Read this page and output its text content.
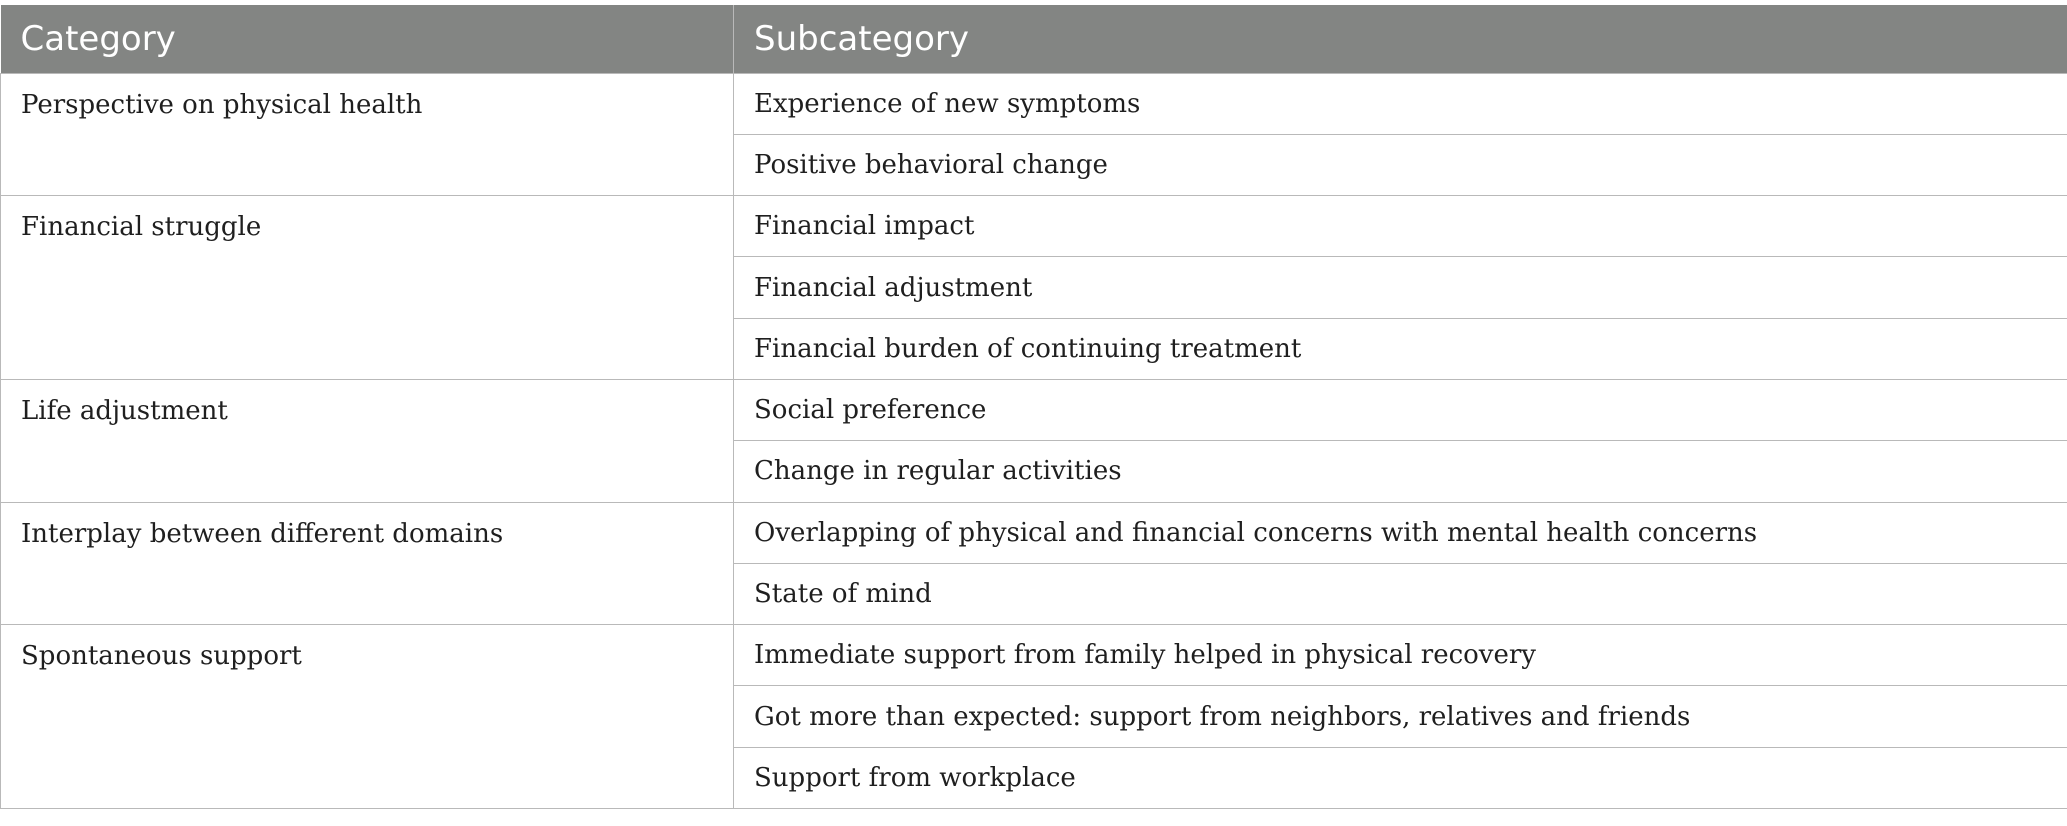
Category	Subcategory
Perspective on physical health	Experience of new symptoms
	Positive behavioral change
Financial struggle	Financial impact
	Financial adjustment
	Financial burden of continuing treatment
Life adjustment	Social preference
	Change in regular activities
Interplay between different domains	Overlapping of physical and financial concerns with mental health concerns
	State of mind
Spontaneous support	Immediate support from family helped in physical recovery
	Got more than expected: support from neighbors, relatives and friends
	Support from workplace
